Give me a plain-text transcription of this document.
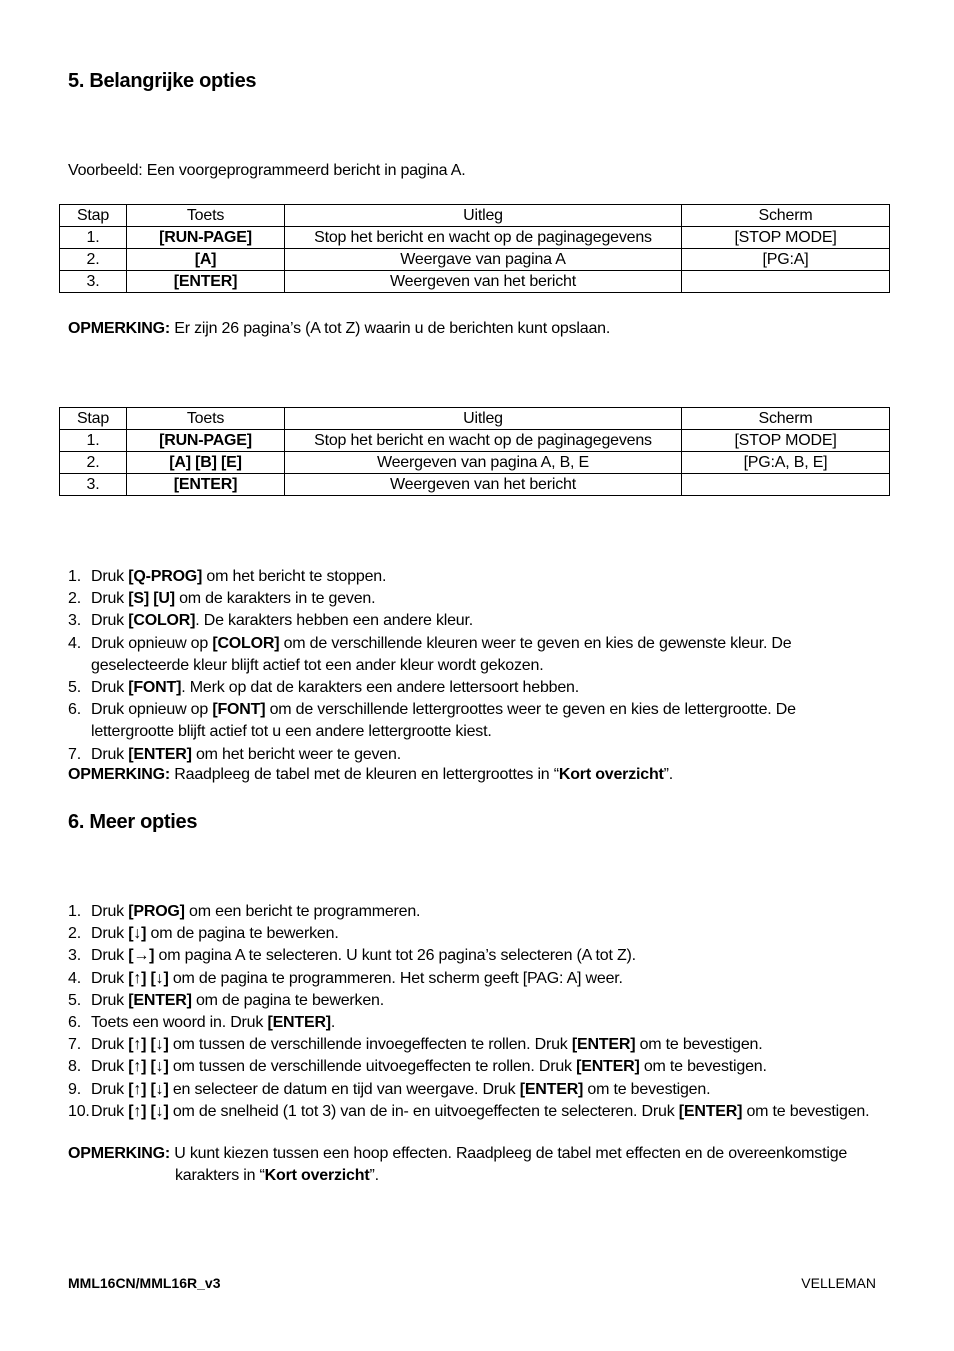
5. Belangrijke opties
Voorbeeld: Een voorgeprogrammeerd bericht in pagina A.
Stap	Toets	Uitleg	Scherm
1.	[RUN-PAGE]	Stop het bericht en wacht op de paginagegevens	[STOP MODE]
2.	[A]	Weergave van pagina A	[PG:A]
3.	[ENTER]	Weergeven van het bericht	
OPMERKING: Er zijn 26 pagina’s (A tot Z) waarin u de berichten kunt opslaan.
Stap	Toets	Uitleg	Scherm
1.	[RUN-PAGE]	Stop het bericht en wacht op de paginagegevens	[STOP MODE]
2.	[A] [B] [E]	Weergeven van pagina A, B, E	[PG:A, B, E]
3.	[ENTER]	Weergeven van het bericht	
1. Druk [Q-PROG] om het bericht te stoppen.
2. Druk [S] [U] om de karakters in te geven.
3. Druk [COLOR]. De karakters hebben een andere kleur.
4. Druk opnieuw op [COLOR] om de verschillende kleuren weer te geven en kies de gewenste kleur. De
geselecteerde kleur blijft actief tot een ander kleur wordt gekozen.
5. Druk [FONT]. Merk op dat de karakters een andere lettersoort hebben.
6. Druk opnieuw op [FONT] om de verschillende lettergroottes weer te geven en kies de lettergrootte. De
lettergrootte blijft actief tot u een andere lettergrootte kiest.
7. Druk [ENTER] om het bericht weer te geven.
OPMERKING: Raadpleeg de tabel met de kleuren en lettergroottes in “Kort overzicht”.
6. Meer opties
1. Druk [PROG] om een bericht te programmeren.
2. Druk [↓] om de pagina te bewerken.
3. Druk [→] om pagina A te selecteren. U kunt tot 26 pagina’s selecteren (A tot Z).
4. Druk [↑] [↓] om de pagina te programmeren. Het scherm geeft [PAG: A] weer.
5. Druk [ENTER] om de pagina te bewerken.
6. Toets een woord in. Druk [ENTER].
7. Druk [↑] [↓] om tussen de verschillende invoegeffecten te rollen. Druk [ENTER] om te bevestigen.
8. Druk [↑] [↓] om tussen de verschillende uitvoegeffecten te rollen. Druk [ENTER] om te bevestigen.
9. Druk [↑] [↓] en selecteer de datum en tijd van weergave. Druk [ENTER] om te bevestigen.
10. Druk [↑] [↓] om de snelheid (1 tot 3) van de in- en uitvoegeffecten te selecteren. Druk [ENTER] om te bevestigen.
OPMERKING: U kunt kiezen tussen een hoop effecten. Raadpleeg de tabel met effecten en de overeenkomstige
karakters in “Kort overzicht”.
MML16CN/MML16R_v3	VELLEMAN
